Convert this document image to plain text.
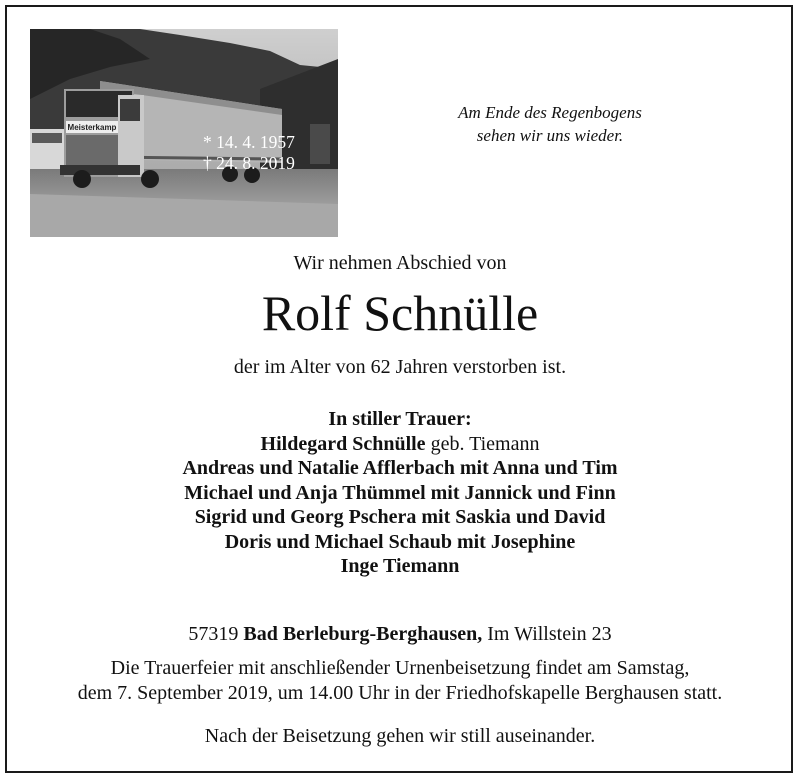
Meisterkamp
* 14. 4. 1957
† 24. 8. 2019
Am Ende des Regenbogens
sehen wir uns wieder.
Wir nehmen Abschied von
Rolf Schnülle
der im Alter von 62 Jahren verstorben ist.
In stiller Trauer:
Hildegard Schnülle geb. Tiemann
Andreas und Natalie Afflerbach mit Anna und Tim
Michael und Anja Thümmel mit Jannick und Finn
Sigrid und Georg Pschera mit Saskia und David
Doris und Michael Schaub mit Josephine
Inge Tiemann
57319 Bad Berleburg-Berghausen, Im Willstein 23
Die Trauerfeier mit anschließender Urnenbeisetzung findet am Samstag,
dem 7. September 2019, um 14.00 Uhr in der Friedhofskapelle Berghausen statt.
Nach der Beisetzung gehen wir still auseinander.
